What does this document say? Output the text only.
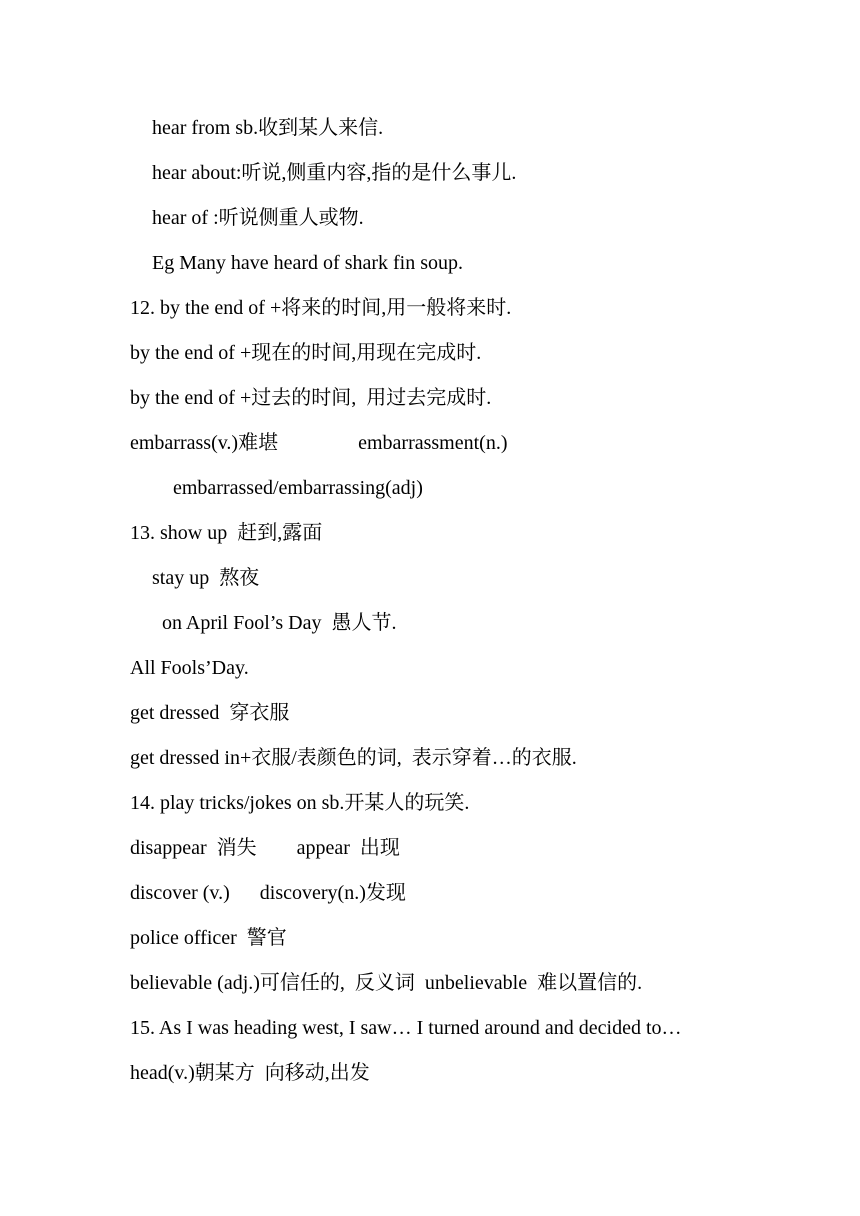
hear from sb.收到某人来信.
hear about:听说,侧重内容,指的是什么事儿.
hear of :听说侧重人或物.
Eg Many have heard of shark fin soup.
12. by the end of +将来的时间,用一般将来时.
by the end of +现在的时间,用现在完成时.
by the end of +过去的时间,  用过去完成时.
embarrass(v.)难堪                embarrassment(n.)
embarrassed/embarrassing(adj)
13. show up  赶到,露面
stay up  熬夜
on April Fool’s Day  愚人节.
All Fools’Day.
get dressed  穿衣服
get dressed in+衣服/表颜色的词,  表示穿着…的衣服.
14. play tricks/jokes on sb.开某人的玩笑.
disappear  消失        appear  出现
discover (v.)      discovery(n.)发现
police officer  警官
believable (adj.)可信任的,  反义词  unbelievable  难以置信的.
15. As I was heading west, I saw… I turned around and decided to…
head(v.)朝某方  向移动,出发
